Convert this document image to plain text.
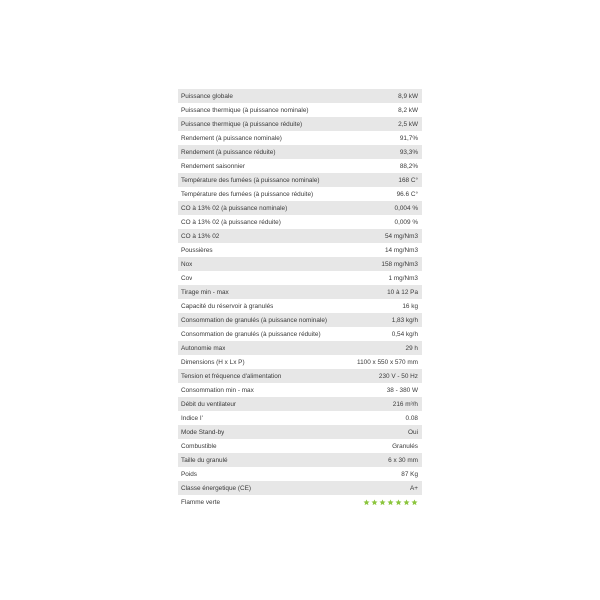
Puissance globale	8,9 kW
Puissance thermique (à puissance nominale)	8,2 kW
Puissance thermique (à puissance réduite)	2,5 kW
Rendement (à puissance nominale)	91,7%
Rendement (à puissance réduite)	93,3%
Rendement saisonnier	88,2%
Température des fumées (à puissance nominale)	168 C°
Température des fumées (à puissance réduite)	96.6 C°
CO à 13% 02 (à puissance nominale)	0,004 %
CO à 13% 02 (à puissance réduite)	0,009 %
CO à 13% 02	54 mg/Nm3
Poussières	14 mg/Nm3
Nox	158 mg/Nm3
Cov	1 mg/Nm3
Tirage min - max	10 à 12 Pa
Capacité du réservoir à granulés	16 kg
Consommation de granulés (à puissance nominale)	1,83 kg/h
Consommation de granulés (à puissance réduite)	0,54 kg/h
Autonomie max	29 h
Dimensions (H x Lx P)	1100 x 550 x 570 mm
Tension et fréquence d'alimentation	230 V - 50 Hz
Consommation min - max	38 - 380 W
Débit du ventilateur	216 m³/h
Indice I'	0.08
Mode Stand-by	Oui
Combustible	Granulés
Taille du granulé	6 x 30 mm
Poids	87 Kg
Classe énergetique (CE)	A+
Flamme verte
